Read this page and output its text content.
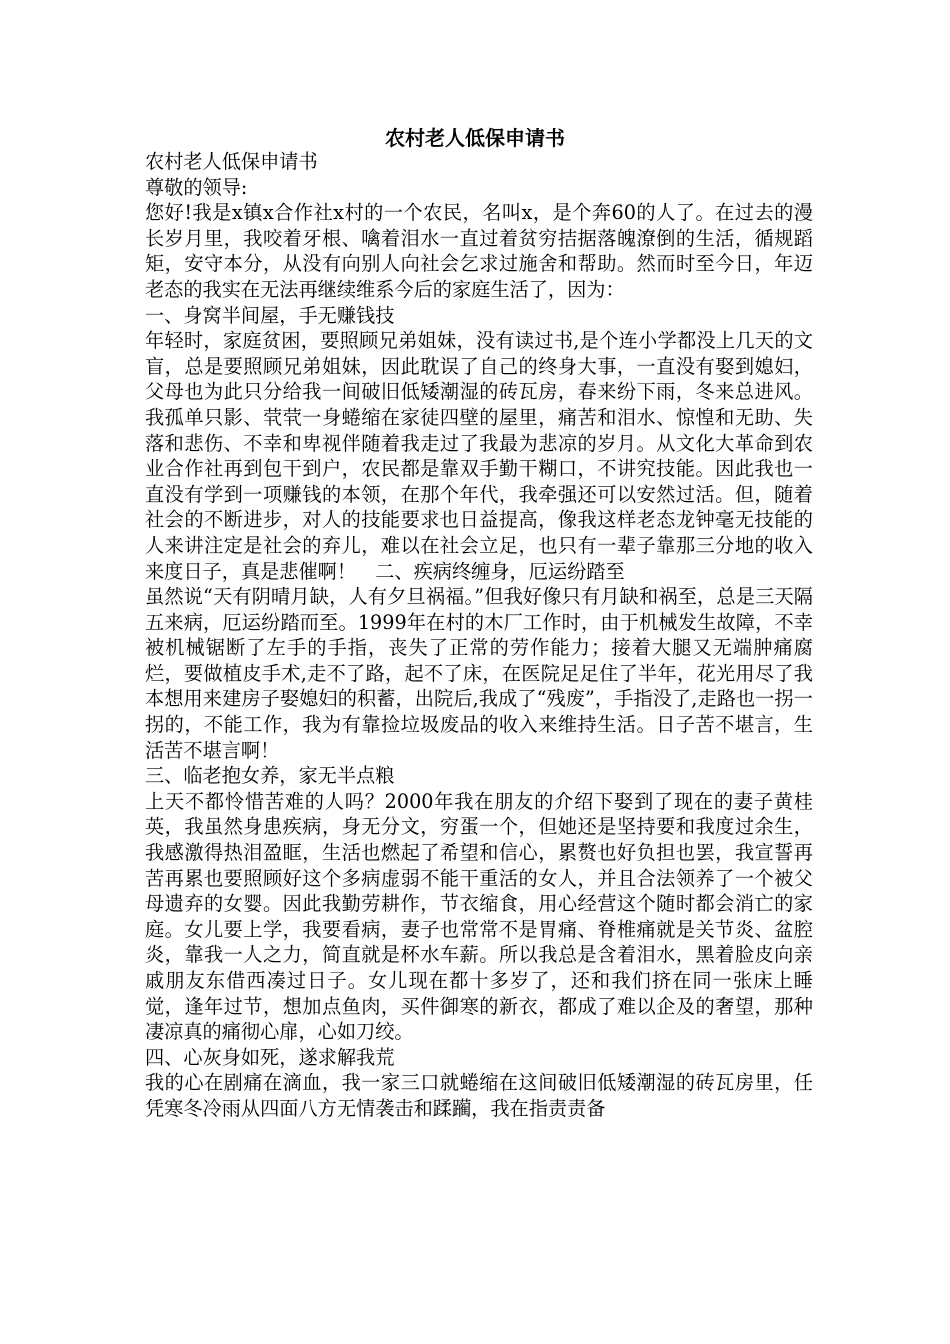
农村老人低保申请书

农村老人低保申请书

尊敬的领导:

您好!我是x镇x合作社x村的一个农民，名叫x，是个奔60的人了。在过去的漫长岁月里，我咬着牙根、噙着泪水一直过着贫穷拮据落魄潦倒的生活，循规蹈矩，安守本分，从没有向别人向社会乞求过施舍和帮助。然而时至今日，年迈老态的我实在无法再继续维系今后的家庭生活了，因为：

一、身窝半间屋，手无赚钱技

年轻时，家庭贫困，要照顾兄弟姐妹，没有读过书,是个连小学都没上几天的文盲，总是要照顾兄弟姐妹，因此耽误了自己的终身大事，一直没有娶到媳妇，父母也为此只分给我一间破旧低矮潮湿的砖瓦房，春来纷下雨，冬来总进风。我孤单只影、茕茕一身蜷缩在家徒四壁的屋里，痛苦和泪水、惊惶和无助、失落和悲伤、不幸和卑视伴随着我走过了我最为悲凉的岁月。从文化大革命到农业合作社再到包干到户，农民都是靠双手勤干糊口，不讲究技能。因此我也一直没有学到一项赚钱的本领，在那个年代，我牵强还可以安然过活。但，随着社会的不断进步，对人的技能要求也日益提高，像我这样老态龙钟毫无技能的人来讲注定是社会的弃儿，难以在社会立足，也只有一辈子靠那三分地的收入来度日子，真是悲催啊！　二、疾病终缠身，厄运纷踏至

虽然说“天有阴晴月缺，人有夕旦祸福。”但我好像只有月缺和祸至，总是三天隔五来病，厄运纷踏而至。1999年在村的木厂工作时，由于机械发生故障，不幸被机械锯断了左手的手指，丧失了正常的劳作能力；接着大腿又无端肿痛腐烂，要做植皮手术,走不了路，起不了床，在医院足足住了半年，花光用尽了我本想用来建房子娶媳妇的积蓄，出院后,我成了“残废”，手指没了,走路也一拐一拐的，不能工作，我为有靠捡垃圾废品的收入来维持生活。日子苦不堪言，生活苦不堪言啊！

三、临老抱女养，家无半点粮

上天不都怜惜苦难的人吗？2000年我在朋友的介绍下娶到了现在的妻子黄桂英，我虽然身患疾病，身无分文，穷蛋一个，但她还是坚持要和我度过余生，我感激得热泪盈眶，生活也燃起了希望和信心，累赘也好负担也罢，我宣誓再苦再累也要照顾好这个多病虚弱不能干重活的女人，并且合法领养了一个被父母遗弃的女婴。因此我勤劳耕作，节衣缩食，用心经营这个随时都会消亡的家庭。女儿要上学，我要看病，妻子也常常不是胃痛、脊椎痛就是关节炎、盆腔炎，靠我一人之力，简直就是杯水车薪。所以我总是含着泪水，黑着脸皮向亲戚朋友东借西凑过日子。女儿现在都十多岁了，还和我们挤在同一张床上睡觉，逢年过节，想加点鱼肉，买件御寒的新衣，都成了难以企及的奢望，那种凄凉真的痛彻心扉，心如刀绞。

四、心灰身如死，遂求解我荒

我的心在剧痛在滴血，我一家三口就蜷缩在这间破旧低矮潮湿的砖瓦房里，任凭寒冬冷雨从四面八方无情袭击和蹂躏，我在指责责备
